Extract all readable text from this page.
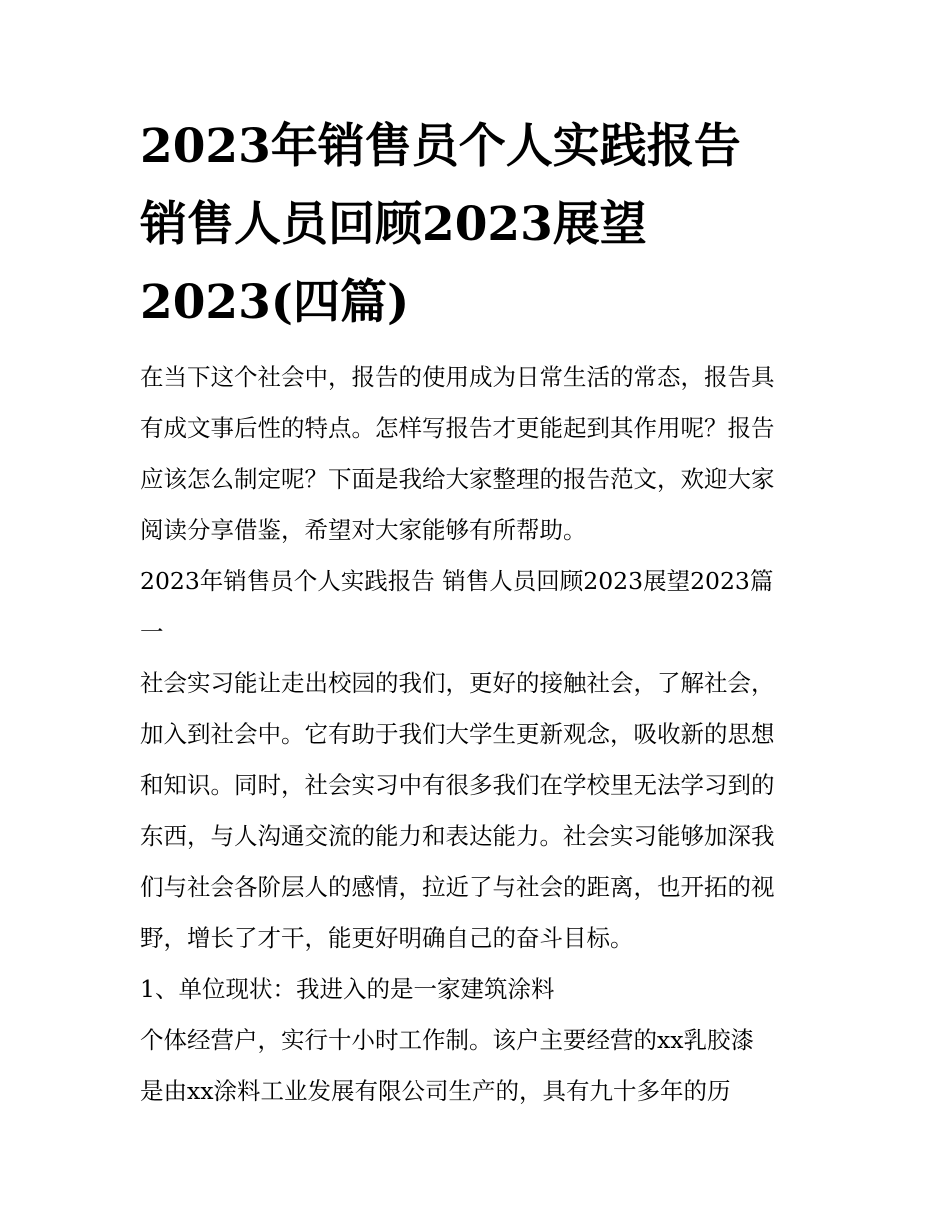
2023年销售员个人实践报告
销售人员回顾2023展望
2023(四篇)
在当下这个社会中，报告的使用成为日常生活的常态，报告具
有成文事后性的特点。怎样写报告才更能起到其作用呢？报告
应该怎么制定呢？下面是我给大家整理的报告范文，欢迎大家
阅读分享借鉴，希望对大家能够有所帮助。
2023年销售员个人实践报告 销售人员回顾2023展望2023篇
一
社会实习能让走出校园的我们，更好的接触社会，了解社会，
加入到社会中。它有助于我们大学生更新观念，吸收新的思想
和知识。同时，社会实习中有很多我们在学校里无法学习到的
东西，与人沟通交流的能力和表达能力。社会实习能够加深我
们与社会各阶层人的感情，拉近了与社会的距离，也开拓的视
野，增长了才干，能更好明确自己的奋斗目标。
1、单位现状：我进入的是一家建筑涂料
个体经营户，实行十小时工作制。该户主要经营的xx乳胶漆
是由xx涂料工业发展有限公司生产的，具有九十多年的历
